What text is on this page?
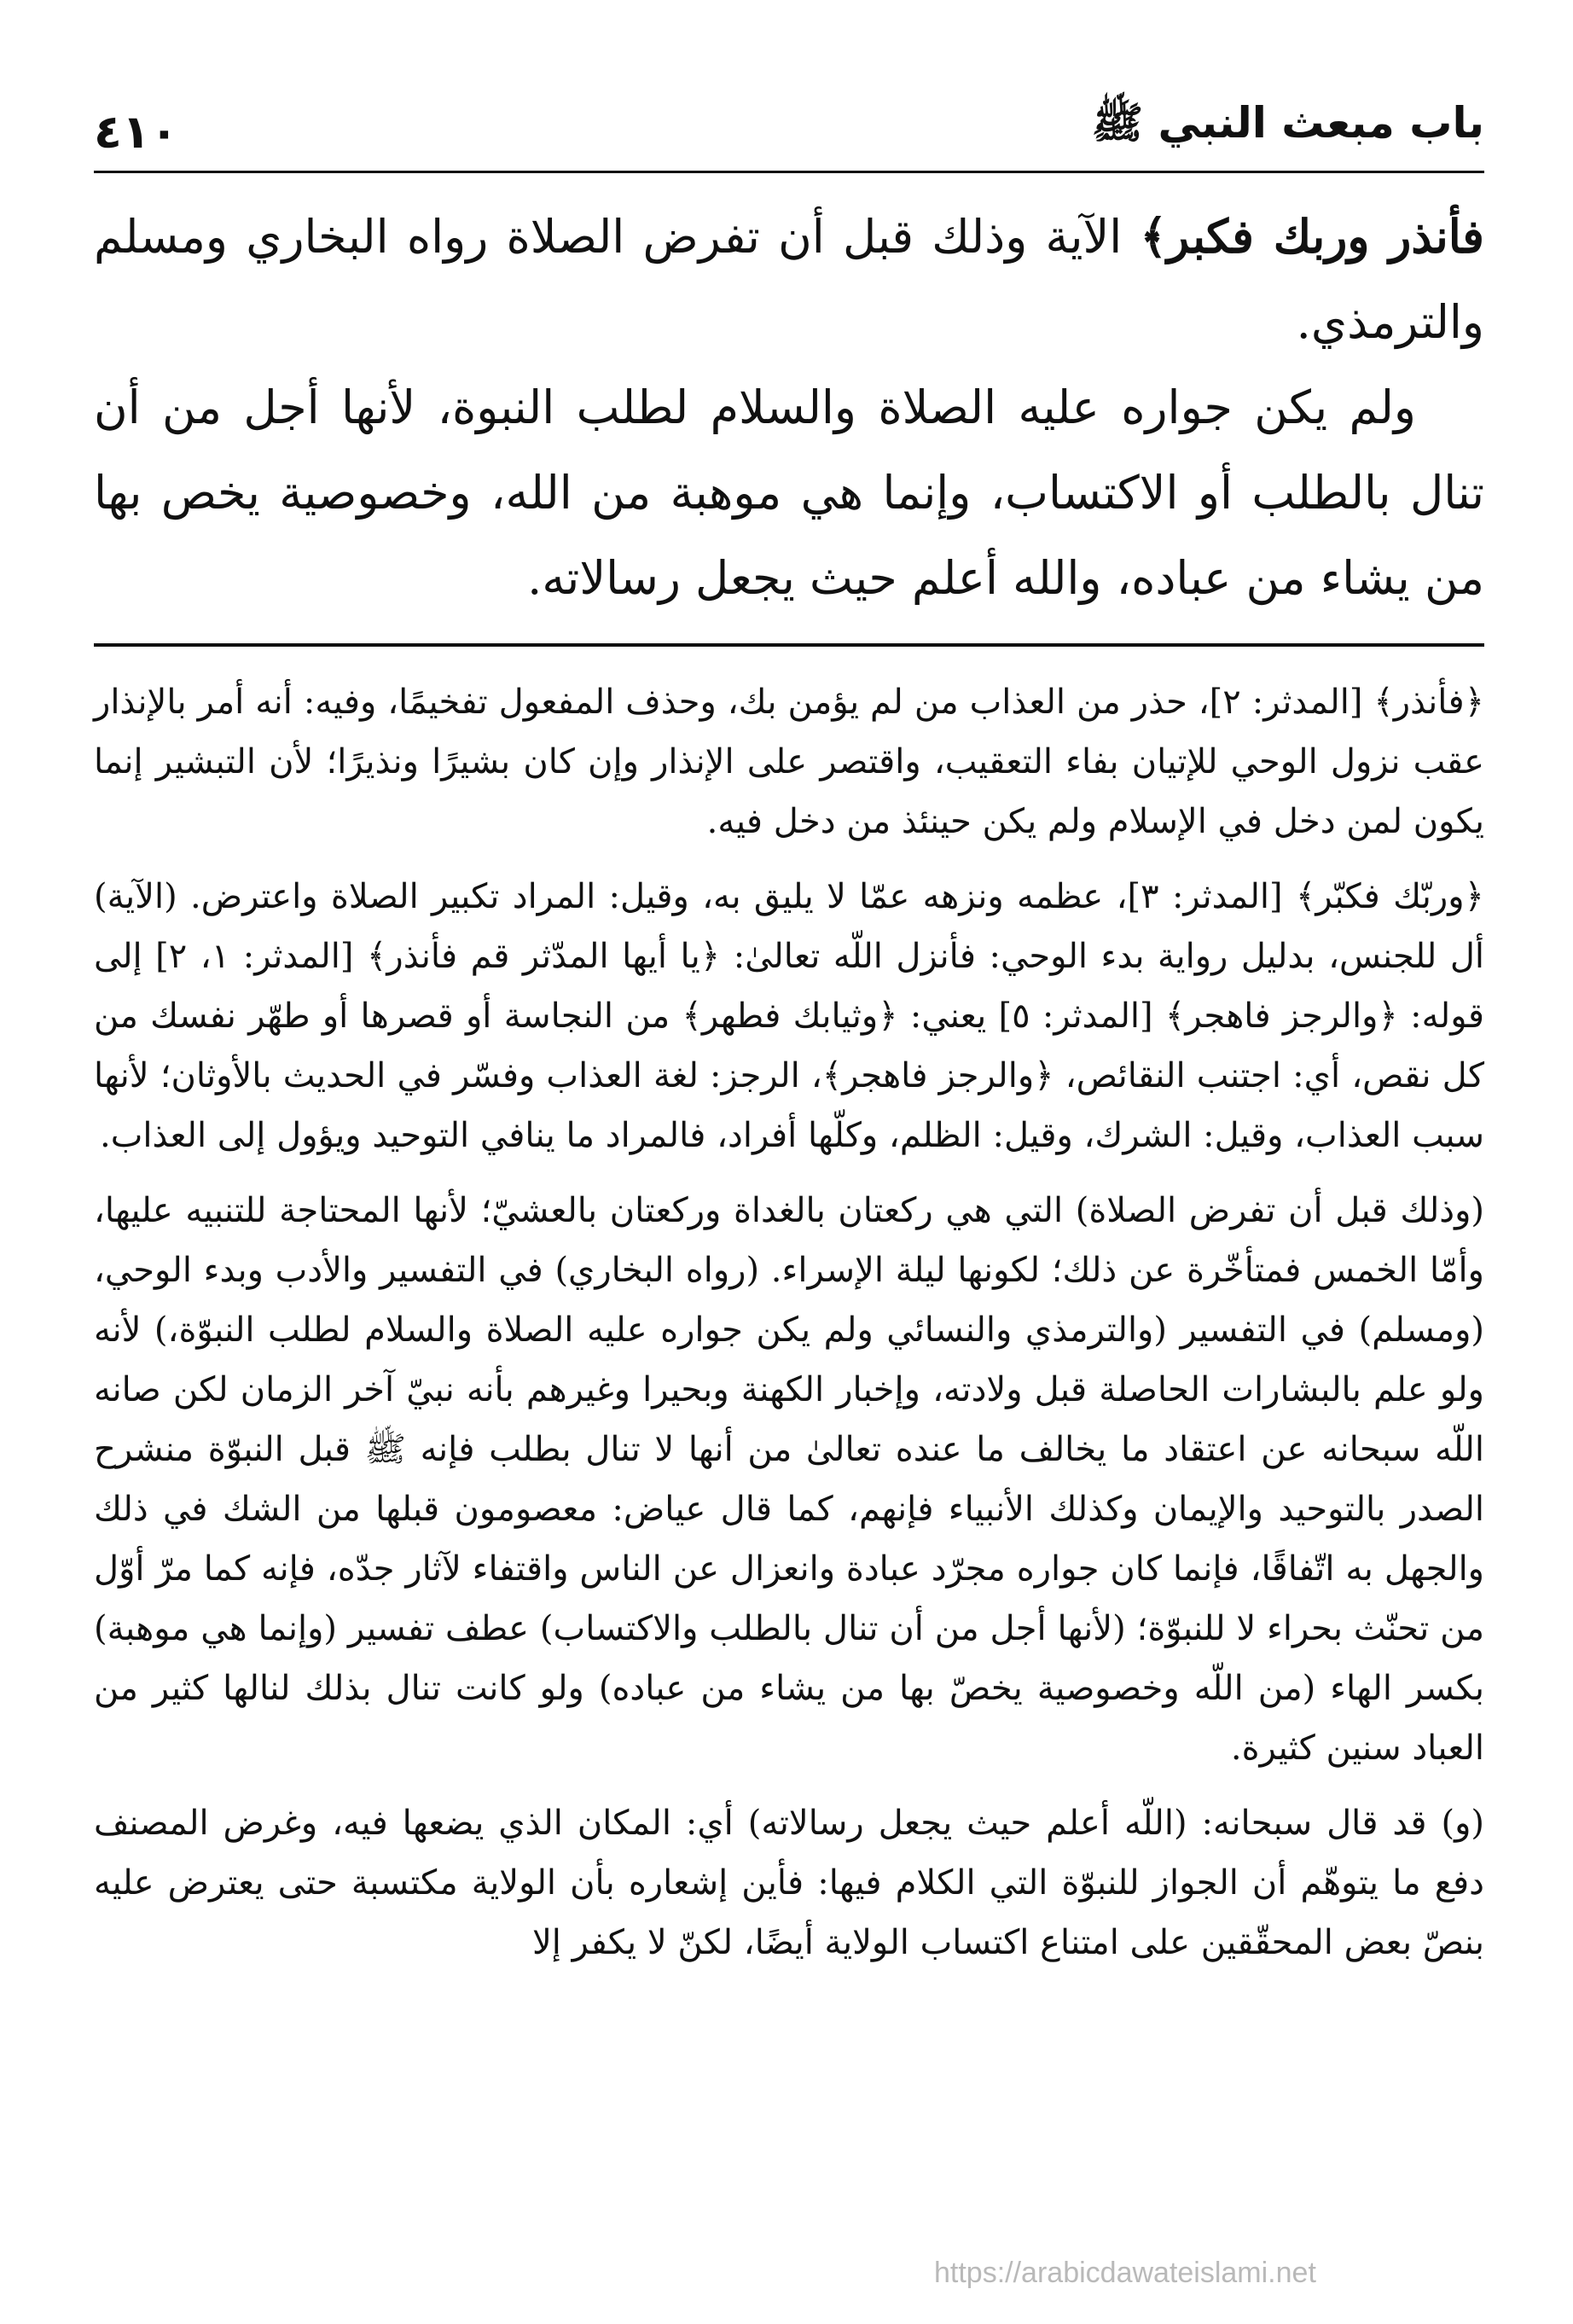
باب مبعث النبي ﷺ
٤١٠

فأنذر وربك فكبر﴾ الآية وذلك قبل أن تفرض الصلاة رواه البخاري ومسلم والترمذي.

ولم يكن جواره عليه الصلاة والسلام لطلب النبوة، لأنها أجل من أن تنال بالطلب أو الاكتساب، وإنما هي موهبة من الله، وخصوصية يخص بها من يشاء من عباده، والله أعلم حيث يجعل رسالاته.

﴿فأنذر﴾ [المدثر: ٢]، حذر من العذاب من لم يؤمن بك، وحذف المفعول تفخيمًا، وفيه: أنه أمر بالإنذار عقب نزول الوحي للإتيان بفاء التعقيب، واقتصر على الإنذار وإن كان بشيرًا ونذيرًا؛ لأن التبشير إنما يكون لمن دخل في الإسلام ولم يكن حينئذ من دخل فيه.

﴿وربّك فكبّر﴾ [المدثر: ٣]، عظمه ونزهه عمّا لا يليق به، وقيل: المراد تكبير الصلاة واعترض. (الآية) أل للجنس، بدليل رواية بدء الوحي: فأنزل اللّه تعالىٰ: ﴿يا أيها المدّثر قم فأنذر﴾ [المدثر: ١، ٢] إلى قوله: ﴿والرجز فاهجر﴾ [المدثر: ٥] يعني: ﴿وثيابك فطهر﴾ من النجاسة أو قصرها أو طهّر نفسك من كل نقص، أي: اجتنب النقائص، ﴿والرجز فاهجر﴾، الرجز: لغة العذاب وفسّر في الحديث بالأوثان؛ لأنها سبب العذاب، وقيل: الشرك، وقيل: الظلم، وكلّها أفراد، فالمراد ما ينافي التوحيد ويؤول إلى العذاب.

(وذلك قبل أن تفرض الصلاة) التي هي ركعتان بالغداة وركعتان بالعشيّ؛ لأنها المحتاجة للتنبيه عليها، وأمّا الخمس فمتأخّرة عن ذلك؛ لكونها ليلة الإسراء. (رواه البخاري) في التفسير والأدب وبدء الوحي، (ومسلم) في التفسير (والترمذي والنسائي ولم يكن جواره عليه الصلاة والسلام لطلب النبوّة،) لأنه ولو علم بالبشارات الحاصلة قبل ولادته، وإخبار الكهنة وبحيرا وغيرهم بأنه نبيّ آخر الزمان لكن صانه اللّه سبحانه عن اعتقاد ما يخالف ما عنده تعالىٰ من أنها لا تنال بطلب فإنه ﷺ قبل النبوّة منشرح الصدر بالتوحيد والإيمان وكذلك الأنبياء فإنهم، كما قال عياض: معصومون قبلها من الشك في ذلك والجهل به اتّفاقًا، فإنما كان جواره مجرّد عبادة وانعزال عن الناس واقتفاء لآثار جدّه، فإنه كما مرّ أوّل من تحنّث بحراء لا للنبوّة؛ (لأنها أجل من أن تنال بالطلب والاكتساب) عطف تفسير (وإنما هي موهبة) بكسر الهاء (من اللّه وخصوصية يخصّ بها من يشاء من عباده) ولو كانت تنال بذلك لنالها كثير من العباد سنين كثيرة.

(و) قد قال سبحانه: (اللّه أعلم حيث يجعل رسالاته) أي: المكان الذي يضعها فيه، وغرض المصنف دفع ما يتوهّم أن الجواز للنبوّة التي الكلام فيها: فأين إشعاره بأن الولاية مكتسبة حتى يعترض عليه بنصّ بعض المحقّقين على امتناع اكتساب الولاية أيضًا، لكنّ لا يكفر إلا

https://arabicdawateislami.net
